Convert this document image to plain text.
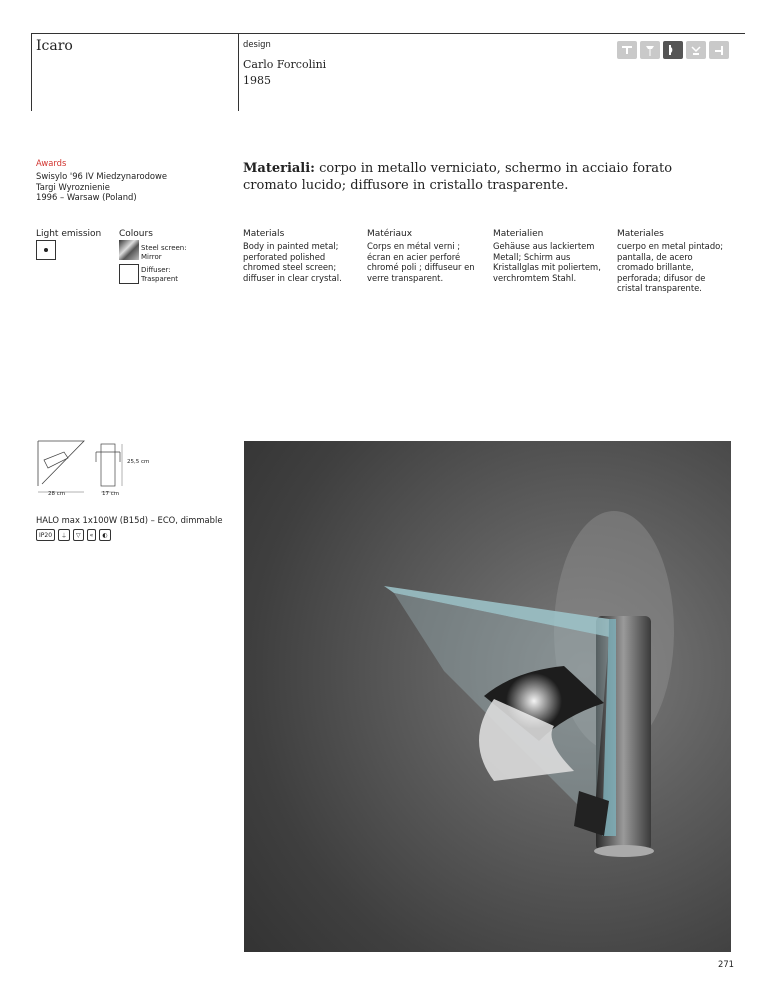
Icaro	design
Carlo Forcolini
1985
Awards
Swisylo '96 IV Miedzynarodowe
Targi Wyroznienie
1996 – Warsaw (Poland)
Materiali: corpo in metallo verniciato, schermo in acciaio forato cromato lucido; diffusore in cristallo trasparente.
Light emission Colours
Steel screen:
Mirror
Diffuser:
Trasparent
Materials
Body in painted metal; perforated polished chromed steel screen; diffuser in clear crystal.
Matériaux
Corps en métal verni ; écran en acier perforé chromé poli ; diffuseur en verre transparent.
Materialien
Gehäuse aus lackiertem Metall; Schirm aus Kristallglas mit poliertem, verchromtem Stahl.
Materiales
cuerpo en metal pintado; pantalla, de acero cromado brillante, perforada; difusor de cristal transparente.
25,5 cm
28 cm	17 cm
HALO max 1x100W (B15d) – ECO, dimmable
IP20	⏚	▽	«	◐
271
